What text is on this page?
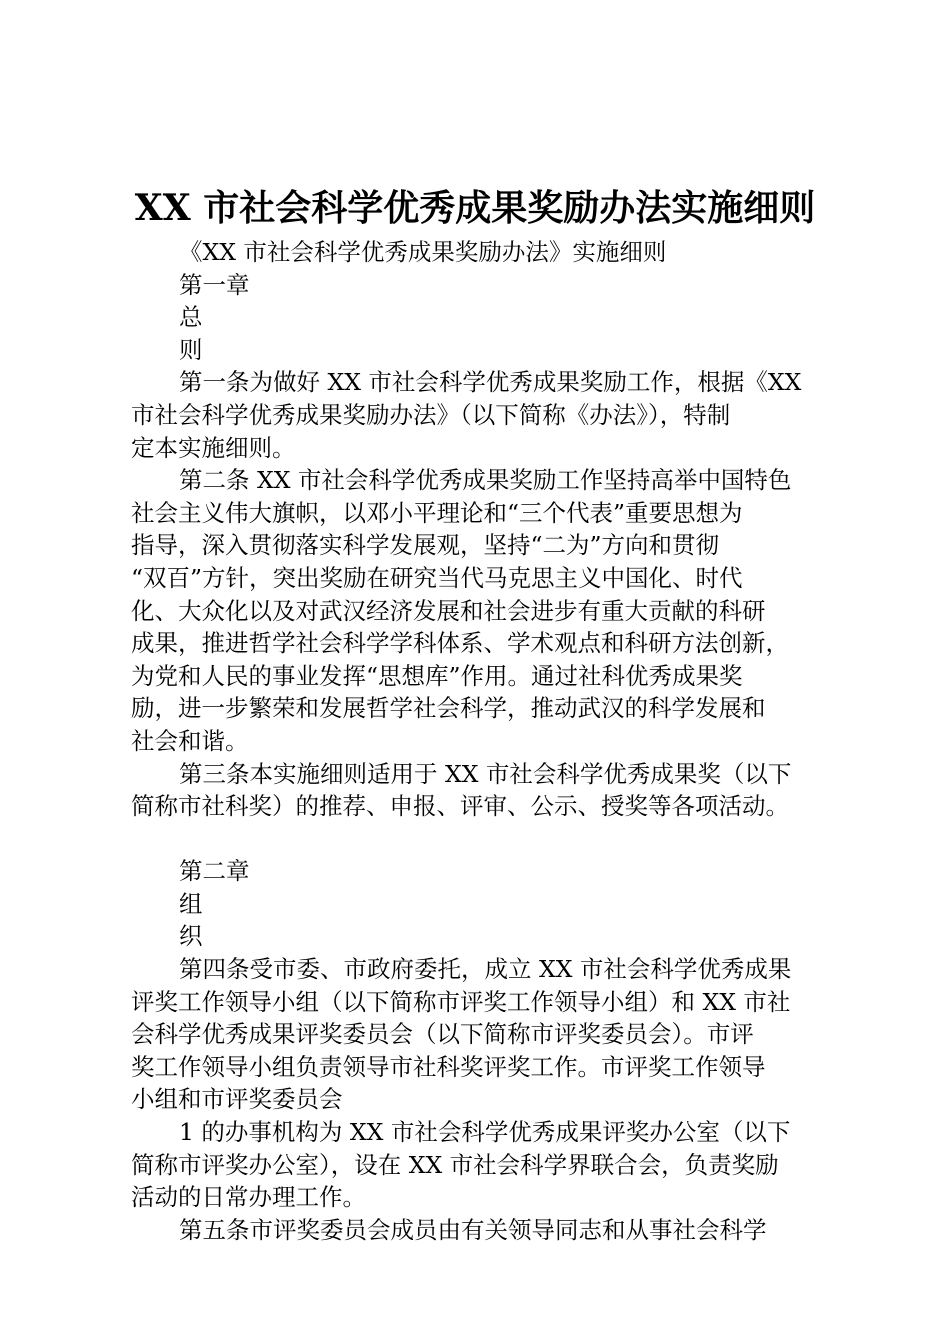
XX 市社会科学优秀成果奖励办法实施细则

《XX 市社会科学优秀成果奖励办法》实施细则

第一章

总

则

第一条为做好 XX 市社会科学优秀成果奖励工作，根据《XX

市社会科学优秀成果奖励办法》（以下简称《办法》），特制

定本实施细则。

第二条 XX 市社会科学优秀成果奖励工作坚持高举中国特色

社会主义伟大旗帜，以邓小平理论和“三个代表”重要思想为

指导，深入贯彻落实科学发展观，坚持“二为”方向和贯彻

“双百”方针，突出奖励在研究当代马克思主义中国化、时代

化、大众化以及对武汉经济发展和社会进步有重大贡献的科研

成果，推进哲学社会科学学科体系、学术观点和科研方法创新，

为党和人民的事业发挥“思想库”作用。通过社科优秀成果奖

励，进一步繁荣和发展哲学社会科学，推动武汉的科学发展和

社会和谐。

第三条本实施细则适用于 XX 市社会科学优秀成果奖（以下

简称市社科奖）的推荐、申报、评审、公示、授奖等各项活动。

第二章

组

织

第四条受市委、市政府委托，成立 XX 市社会科学优秀成果

评奖工作领导小组（以下简称市评奖工作领导小组）和 XX 市社

会科学优秀成果评奖委员会（以下简称市评奖委员会）。市评

奖工作领导小组负责领导市社科奖评奖工作。市评奖工作领导

小组和市评奖委员会

1 的办事机构为 XX 市社会科学优秀成果评奖办公室（以下

简称市评奖办公室），设在 XX 市社会科学界联合会，负责奖励

活动的日常办理工作。

第五条市评奖委员会成员由有关领导同志和从事社会科学
